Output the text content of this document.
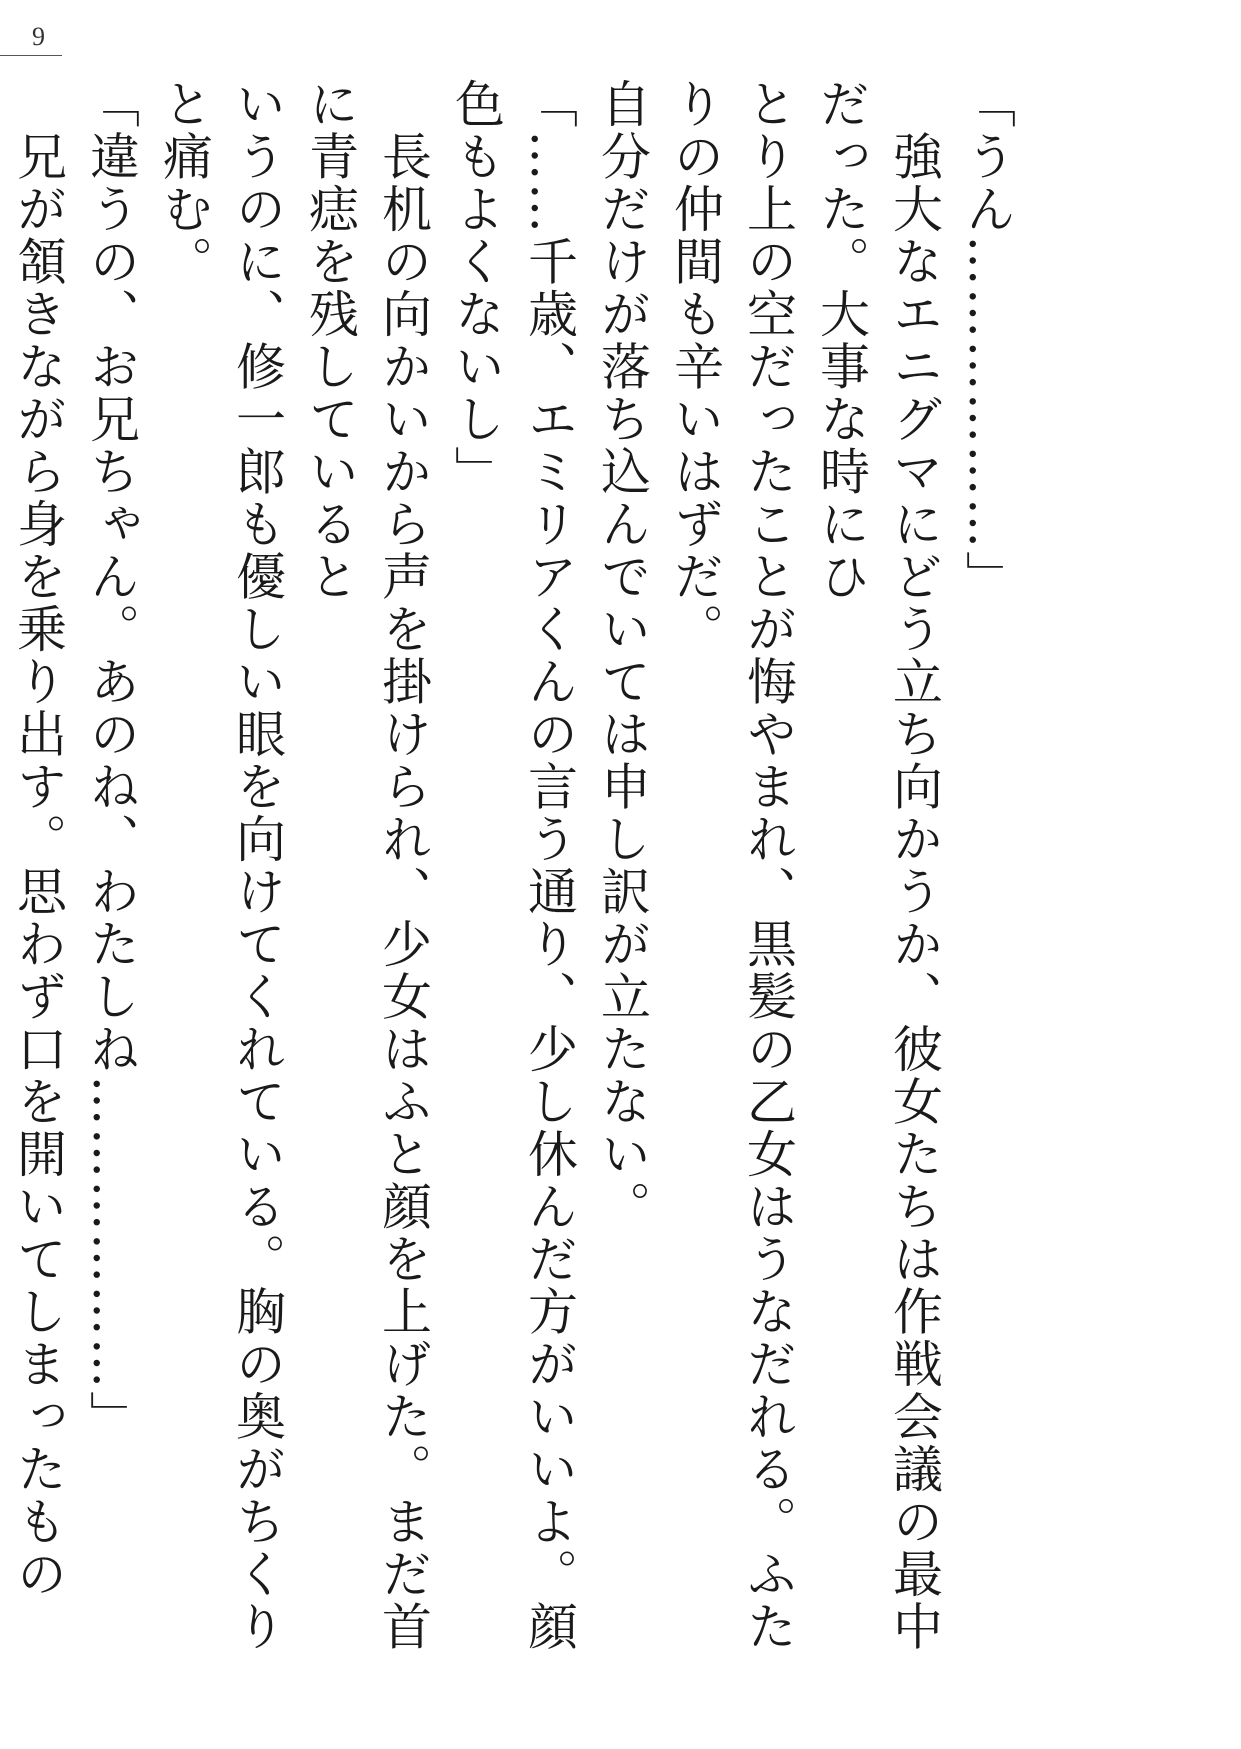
9

「うん………………」

　強大なエニグマにどう立ち向かうか、彼女たちは作戦会議の最中だった。大事な時にひ

とり上の空だったことが悔やまれ、黒髪の乙女はうなだれる。ふたりの仲間も辛いはずだ。

自分だけが落ち込んでいては申し訳が立たない。

「……千歳、エミリアくんの言う通り、少し休んだ方がいいよ。顔色もよくないし」

　長机の向かいから声を掛けられ、少女はふと顔を上げた。まだ首に青痣を残していると

いうのに、修一郎も優しい眼を向けてくれている。胸の奥がちくりと痛む。

「違うの、お兄ちゃん。あのね、わたしね………………」

　兄が頷きながら身を乗り出す。思わず口を開いてしまったもの
